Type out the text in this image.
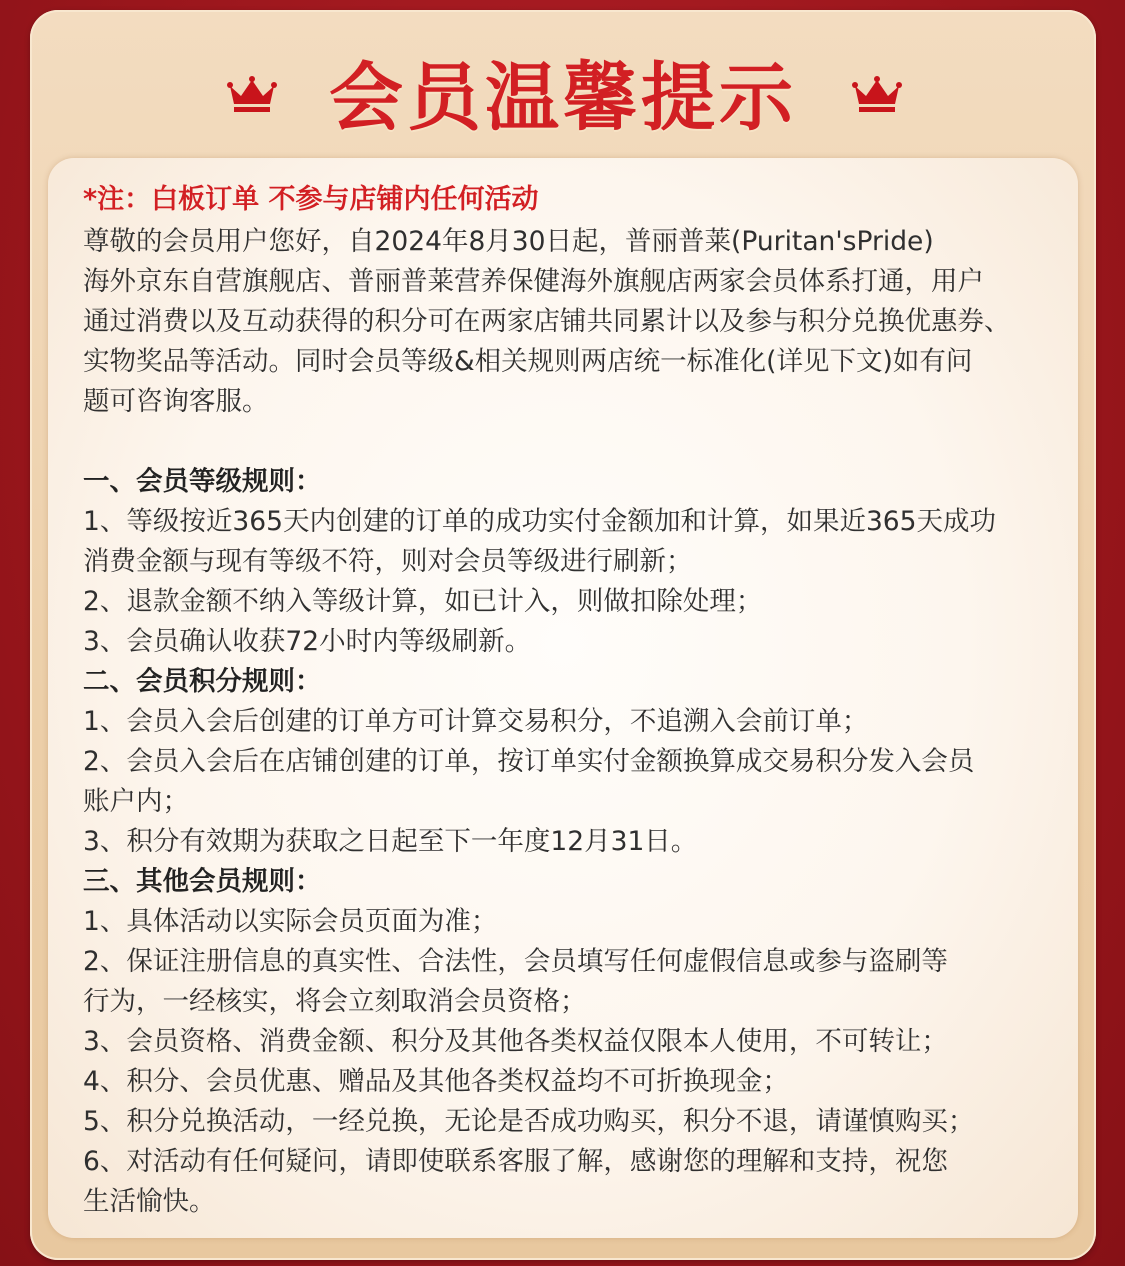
会员温馨提示
*注：白板订单 不参与店铺内任何活动
尊敬的会员用户您好，自2024年8月30日起，普丽普莱(Puritan'sPride)
海外京东自营旗舰店、普丽普莱营养保健海外旗舰店两家会员体系打通，用户
通过消费以及互动获得的积分可在两家店铺共同累计以及参与积分兑换优惠券、
实物奖品等活动。同时会员等级&相关规则两店统一标准化(详见下文)如有问
题可咨询客服。
一、会员等级规则：
1、等级按近365天内创建的订单的成功实付金额加和计算，如果近365天成功
消费金额与现有等级不符，则对会员等级进行刷新；
2、退款金额不纳入等级计算，如已计入，则做扣除处理；
3、会员确认收获72小时内等级刷新。
二、会员积分规则：
1、会员入会后创建的订单方可计算交易积分，不追溯入会前订单；
2、会员入会后在店铺创建的订单，按订单实付金额换算成交易积分发入会员
账户内；
3、积分有效期为获取之日起至下一年度12月31日。
三、其他会员规则：
1、具体活动以实际会员页面为准；
2、保证注册信息的真实性、合法性，会员填写任何虚假信息或参与盗刷等
行为，一经核实，将会立刻取消会员资格；
3、会员资格、消费金额、积分及其他各类权益仅限本人使用，不可转让；
4、积分、会员优惠、赠品及其他各类权益均不可折换现金；
5、积分兑换活动，一经兑换，无论是否成功购买，积分不退，请谨慎购买；
6、对活动有任何疑问，请即使联系客服了解，感谢您的理解和支持，祝您
生活愉快。
